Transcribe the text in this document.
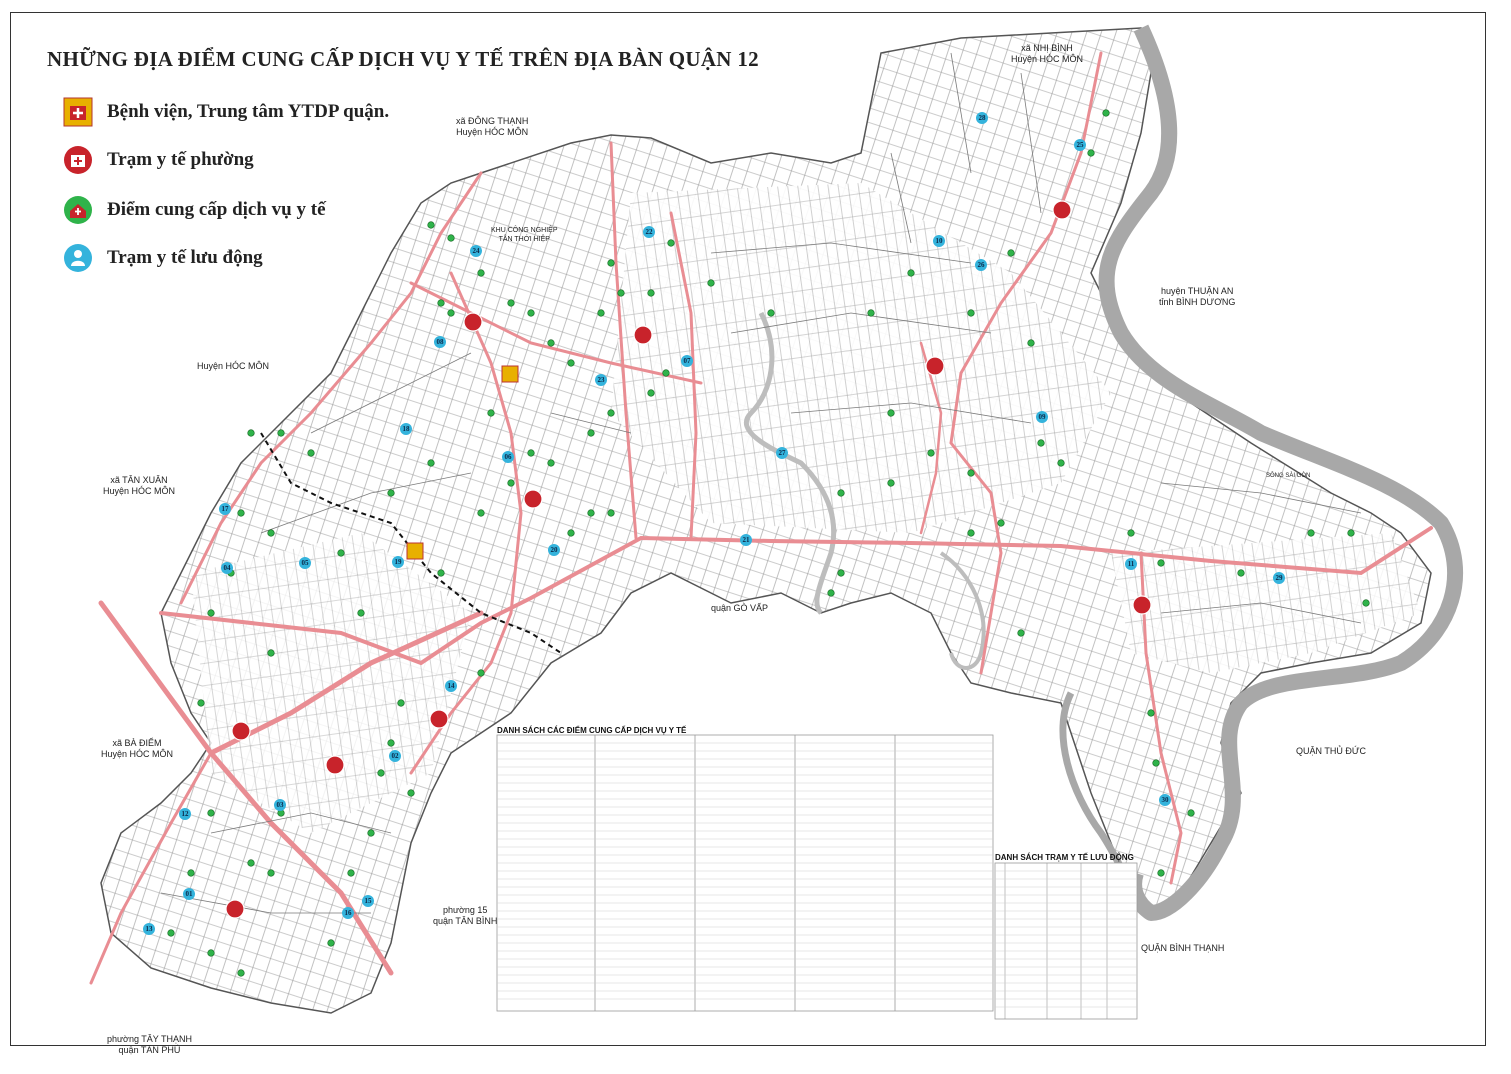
NHỮNG ĐỊA ĐIỂM CUNG CẤP DỊCH VỤ Y TẾ TRÊN ĐỊA BÀN QUẬN 12
Bệnh viện, Trung tâm YTDP quận.
Trạm y tế phường
Điểm cung cấp dịch vụ y tế
Trạm y tế lưu động
xã NHỊ BÌNH
Huyện HÓC MÔN
xã ĐÔNG THẠNH
Huyện HÓC MÔN
KHU CÔNG NGHIỆP
TÂN THỚI HIỆP
Huyện HÓC MÔN
xã TÂN XUÂN
Huyện HÓC MÔN
huyện THUẬN AN
tỉnh BÌNH DƯƠNG
quận GÒ VẤP
xã BÀ ĐIỂM
Huyện HÓC MÔN
phường 15
quận TÂN BÌNH
phường TÂY THẠNH
quận TÂN PHÚ
QUẬN THỦ ĐỨC
QUẬN BÌNH THẠNH
SÔNG SÀI GÒN
DANH SÁCH CÁC ĐIỂM CUNG CẤP DỊCH VỤ Y TẾ
DANH SÁCH TRẠM Y TẾ LƯU ĐỘNG
01
02
03
04
05
06
07
08
09
10
11
12
13
14
15
16
17
18
19
20
21
22
23
24
25
26
27
28
29
30
